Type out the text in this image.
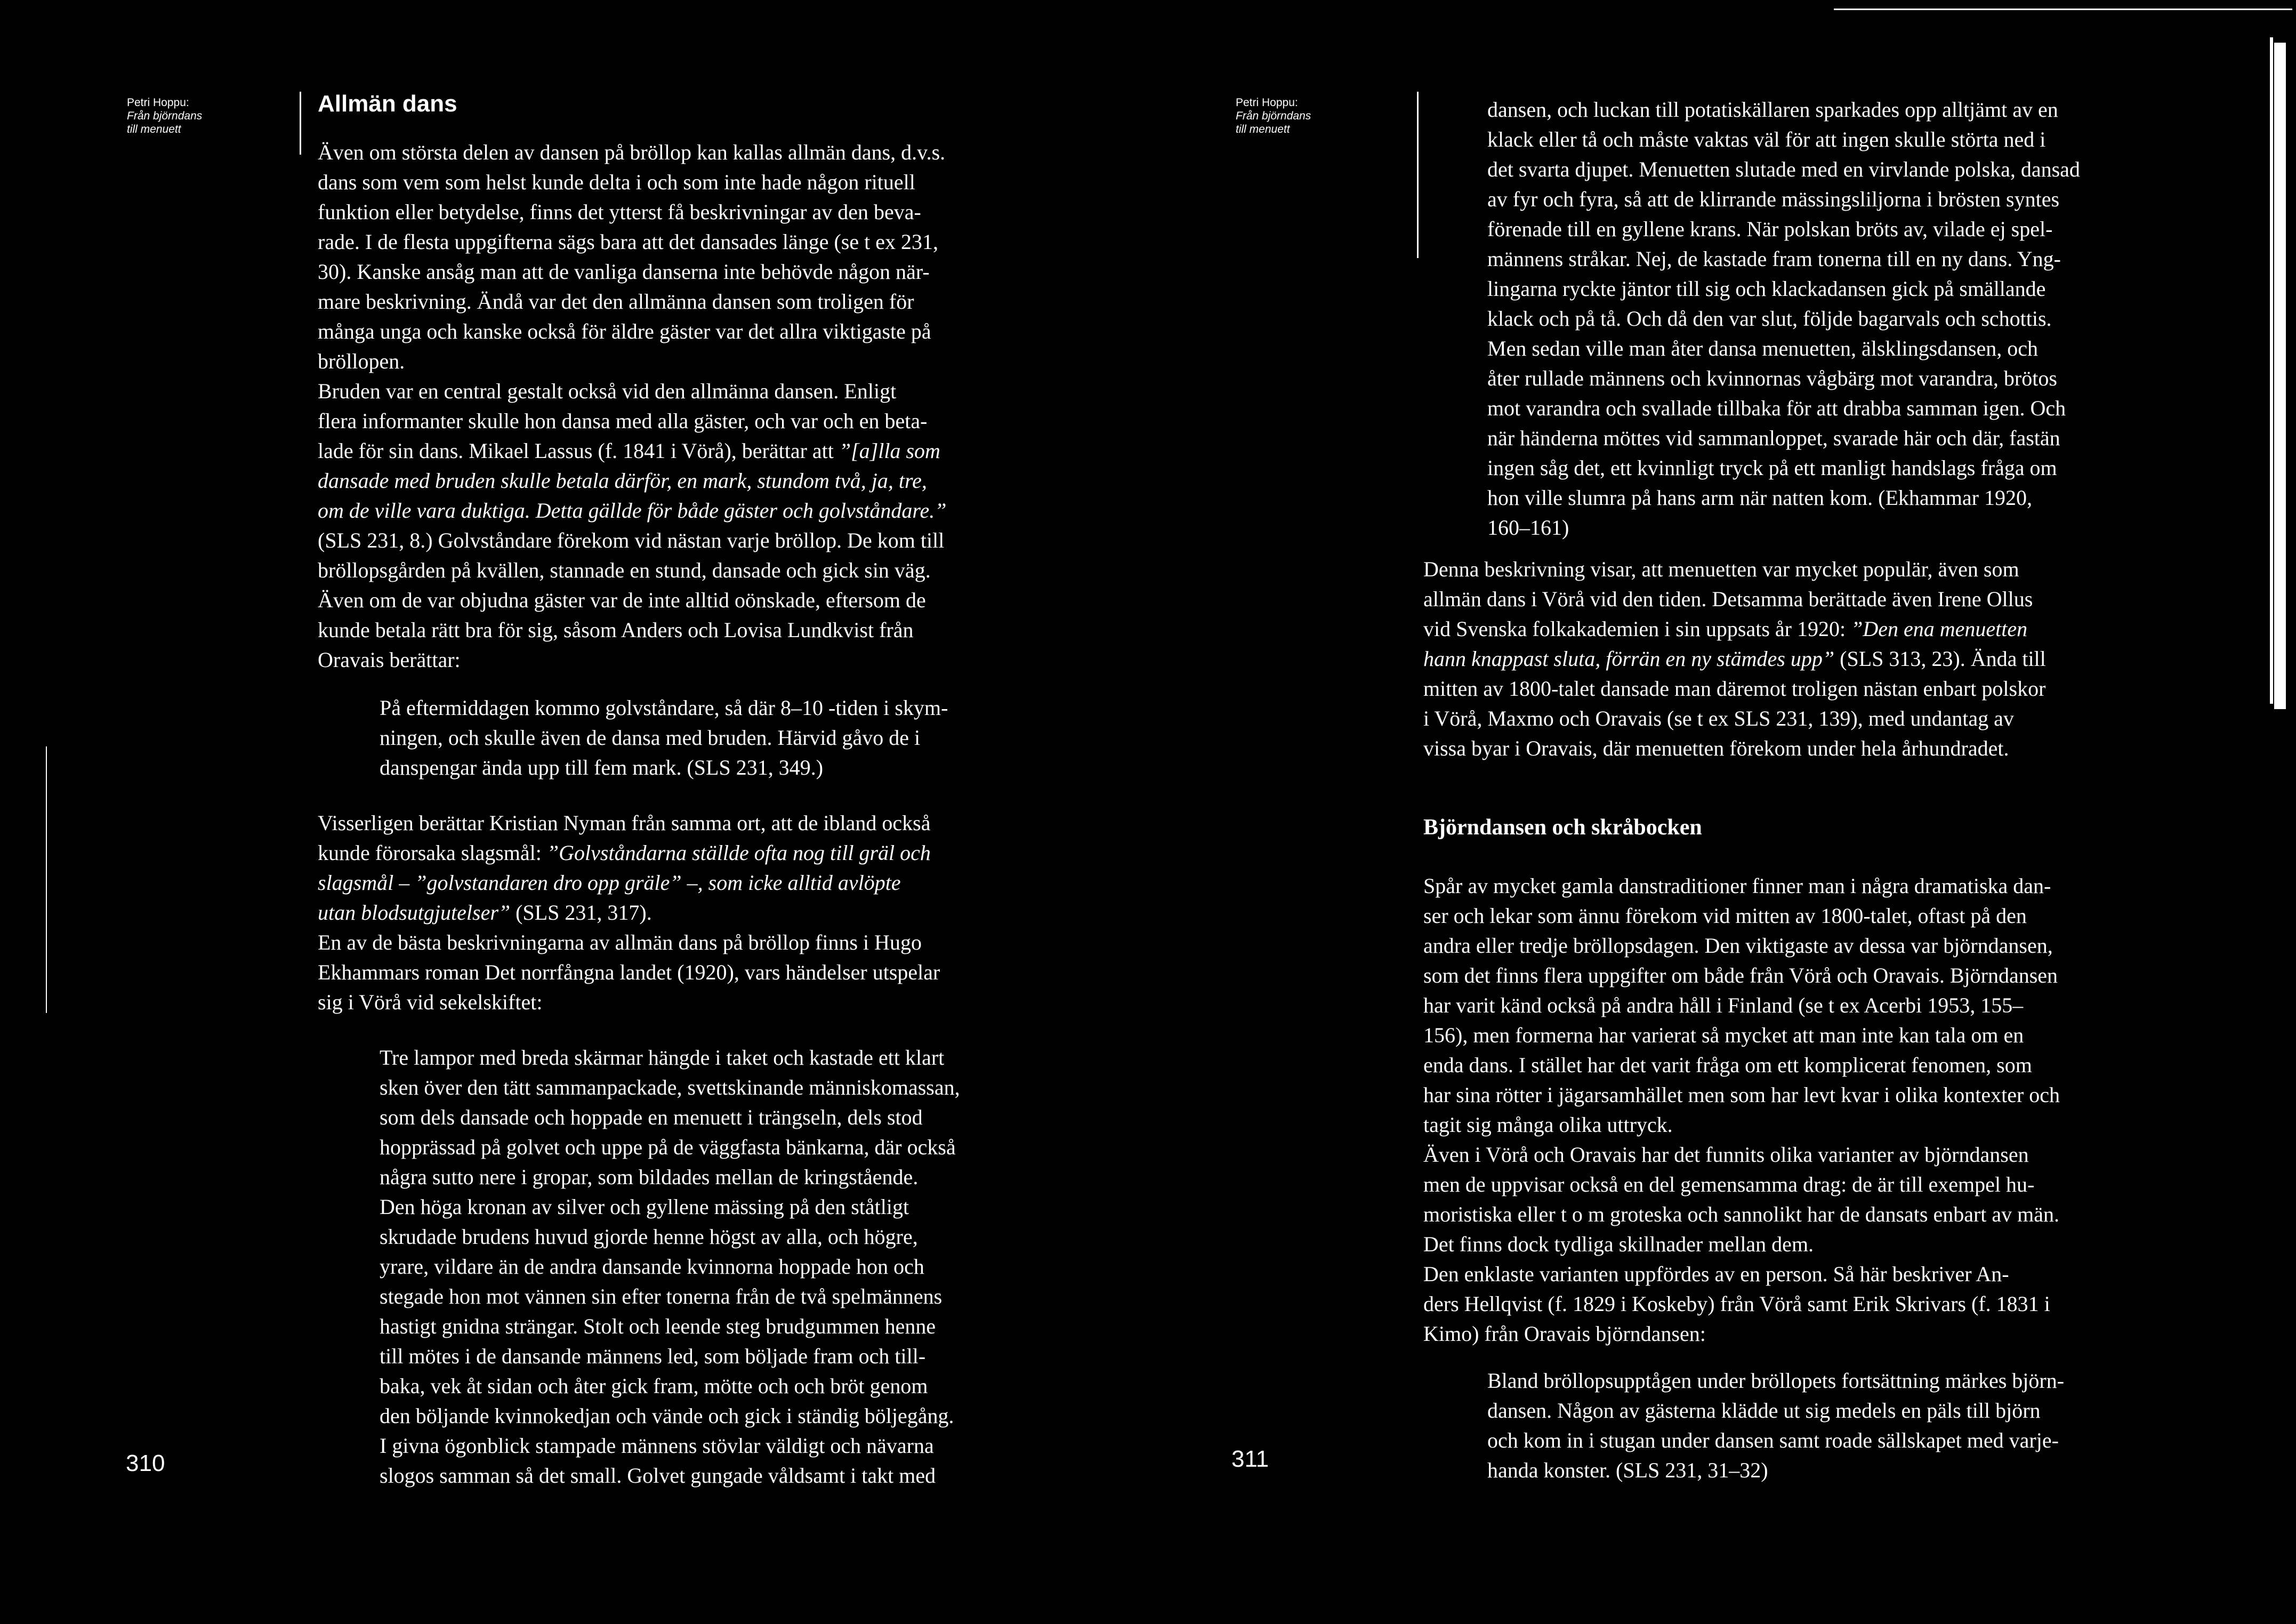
Petri Hoppu:
Från björndans
till menuett
Allmän dans
Även om största delen av dansen på bröllop kan kallas allmän dans, d.v.s.
dans som vem som helst kunde delta i och som inte hade någon rituell
funktion eller betydelse, finns det ytterst få beskrivningar av den beva-
rade. I de flesta uppgifterna sägs bara att det dansades länge (se t ex 231,
30). Kanske ansåg man att de vanliga danserna inte behövde någon när-
mare beskrivning. Ändå var det den allmänna dansen som troligen för
många unga och kanske också för äldre gäster var det allra viktigaste på
bröllopen.
Bruden var en central gestalt också vid den allmänna dansen. Enligt
flera informanter skulle hon dansa med alla gäster, och var och en beta-
lade för sin dans. Mikael Lassus (f. 1841 i Vörå), berättar att ”[a]lla som
dansade med bruden skulle betala därför, en mark, stundom två, ja, tre,
om de ville vara duktiga. Detta gällde för både gäster och golvståndare.”
(SLS 231, 8.) Golvståndare förekom vid nästan varje bröllop. De kom till
bröllopsgården på kvällen, stannade en stund, dansade och gick sin väg.
Även om de var objudna gäster var de inte alltid oönskade, eftersom de
kunde betala rätt bra för sig, såsom Anders och Lovisa Lundkvist från
Oravais berättar:
På eftermiddagen kommo golvståndare, så där 8–10 -tiden i skym-
ningen, och skulle även de dansa med bruden. Härvid gåvo de i
danspengar ända upp till fem mark. (SLS 231, 349.)
Visserligen berättar Kristian Nyman från samma ort, att de ibland också
kunde förorsaka slagsmål: ”Golvståndarna ställde ofta nog till gräl och
slagsmål – ”golvstandaren dro opp gräle” –, som icke alltid avlöpte
utan blodsutgjutelser” (SLS 231, 317).
En av de bästa beskrivningarna av allmän dans på bröllop finns i Hugo
Ekhammars roman Det norrfångna landet (1920), vars händelser utspelar
sig i Vörå vid sekelskiftet:
Tre lampor med breda skärmar hängde i taket och kastade ett klart
sken över den tätt sammanpackade, svettskinande människomassan,
som dels dansade och hoppade en menuett i trängseln, dels stod
hopprässad på golvet och uppe på de väggfasta bänkarna, där också
några sutto nere i gropar, som bildades mellan de kringstående.
Den höga kronan av silver och gyllene mässing på den ståtligt
skrudade brudens huvud gjorde henne högst av alla, och högre,
yrare, vildare än de andra dansande kvinnorna hoppade hon och
stegade hon mot vännen sin efter tonerna från de två spelmännens
hastigt gnidna strängar. Stolt och leende steg brudgummen henne
till mötes i de dansande männens led, som böljade fram och till-
baka, vek åt sidan och åter gick fram, mötte och och bröt genom
den böljande kvinnokedjan och vände och gick i ständig böljegång.
I givna ögonblick stampade männens stövlar väldigt och nävarna
slogos samman så det small. Golvet gungade våldsamt i takt med
310
Petri Hoppu:
Från björndans
till menuett
dansen, och luckan till potatiskällaren sparkades opp alltjämt av en
klack eller tå och måste vaktas väl för att ingen skulle störta ned i
det svarta djupet. Menuetten slutade med en virvlande polska, dansad
av fyr och fyra, så att de klirrande mässingsliljorna i brösten syntes
förenade till en gyllene krans. När polskan bröts av, vilade ej spel-
männens stråkar. Nej, de kastade fram tonerna till en ny dans. Yng-
lingarna ryckte jäntor till sig och klackadansen gick på smällande
klack och på tå. Och då den var slut, följde bagarvals och schottis.
Men sedan ville man åter dansa menuetten, älsklingsdansen, och
åter rullade männens och kvinnornas vågbärg mot varandra, brötos
mot varandra och svallade tillbaka för att drabba samman igen. Och
när händerna möttes vid sammanloppet, svarade här och där, fastän
ingen såg det, ett kvinnligt tryck på ett manligt handslags fråga om
hon ville slumra på hans arm när natten kom. (Ekhammar 1920,
160–161)
Denna beskrivning visar, att menuetten var mycket populär, även som
allmän dans i Vörå vid den tiden. Detsamma berättade även Irene Ollus
vid Svenska folkakademien i sin uppsats år 1920: ”Den ena menuetten
hann knappast sluta, förrän en ny stämdes upp” (SLS 313, 23). Ända till
mitten av 1800-talet dansade man däremot troligen nästan enbart polskor
i Vörå, Maxmo och Oravais (se t ex SLS 231, 139), med undantag av
vissa byar i Oravais, där menuetten förekom under hela århundradet.
Björndansen och skråbocken
Spår av mycket gamla danstraditioner finner man i några dramatiska dan-
ser och lekar som ännu förekom vid mitten av 1800-talet, oftast på den
andra eller tredje bröllopsdagen. Den viktigaste av dessa var björndansen,
som det finns flera uppgifter om både från Vörå och Oravais. Björndansen
har varit känd också på andra håll i Finland (se t ex Acerbi 1953, 155–
156), men formerna har varierat så mycket att man inte kan tala om en
enda dans. I stället har det varit fråga om ett komplicerat fenomen, som
har sina rötter i jägarsamhället men som har levt kvar i olika kontexter och
tagit sig många olika uttryck.
Även i Vörå och Oravais har det funnits olika varianter av björndansen
men de uppvisar också en del gemensamma drag: de är till exempel hu-
moristiska eller t o m groteska och sannolikt har de dansats enbart av män.
Det finns dock tydliga skillnader mellan dem.
Den enklaste varianten uppfördes av en person. Så här beskriver An-
ders Hellqvist (f. 1829 i Koskeby) från Vörå samt Erik Skrivars (f. 1831 i
Kimo) från Oravais björndansen:
Bland bröllopsupptågen under bröllopets fortsättning märkes björn-
dansen. Någon av gästerna klädde ut sig medels en päls till björn
och kom in i stugan under dansen samt roade sällskapet med varje-
handa konster. (SLS 231, 31–32)
311
